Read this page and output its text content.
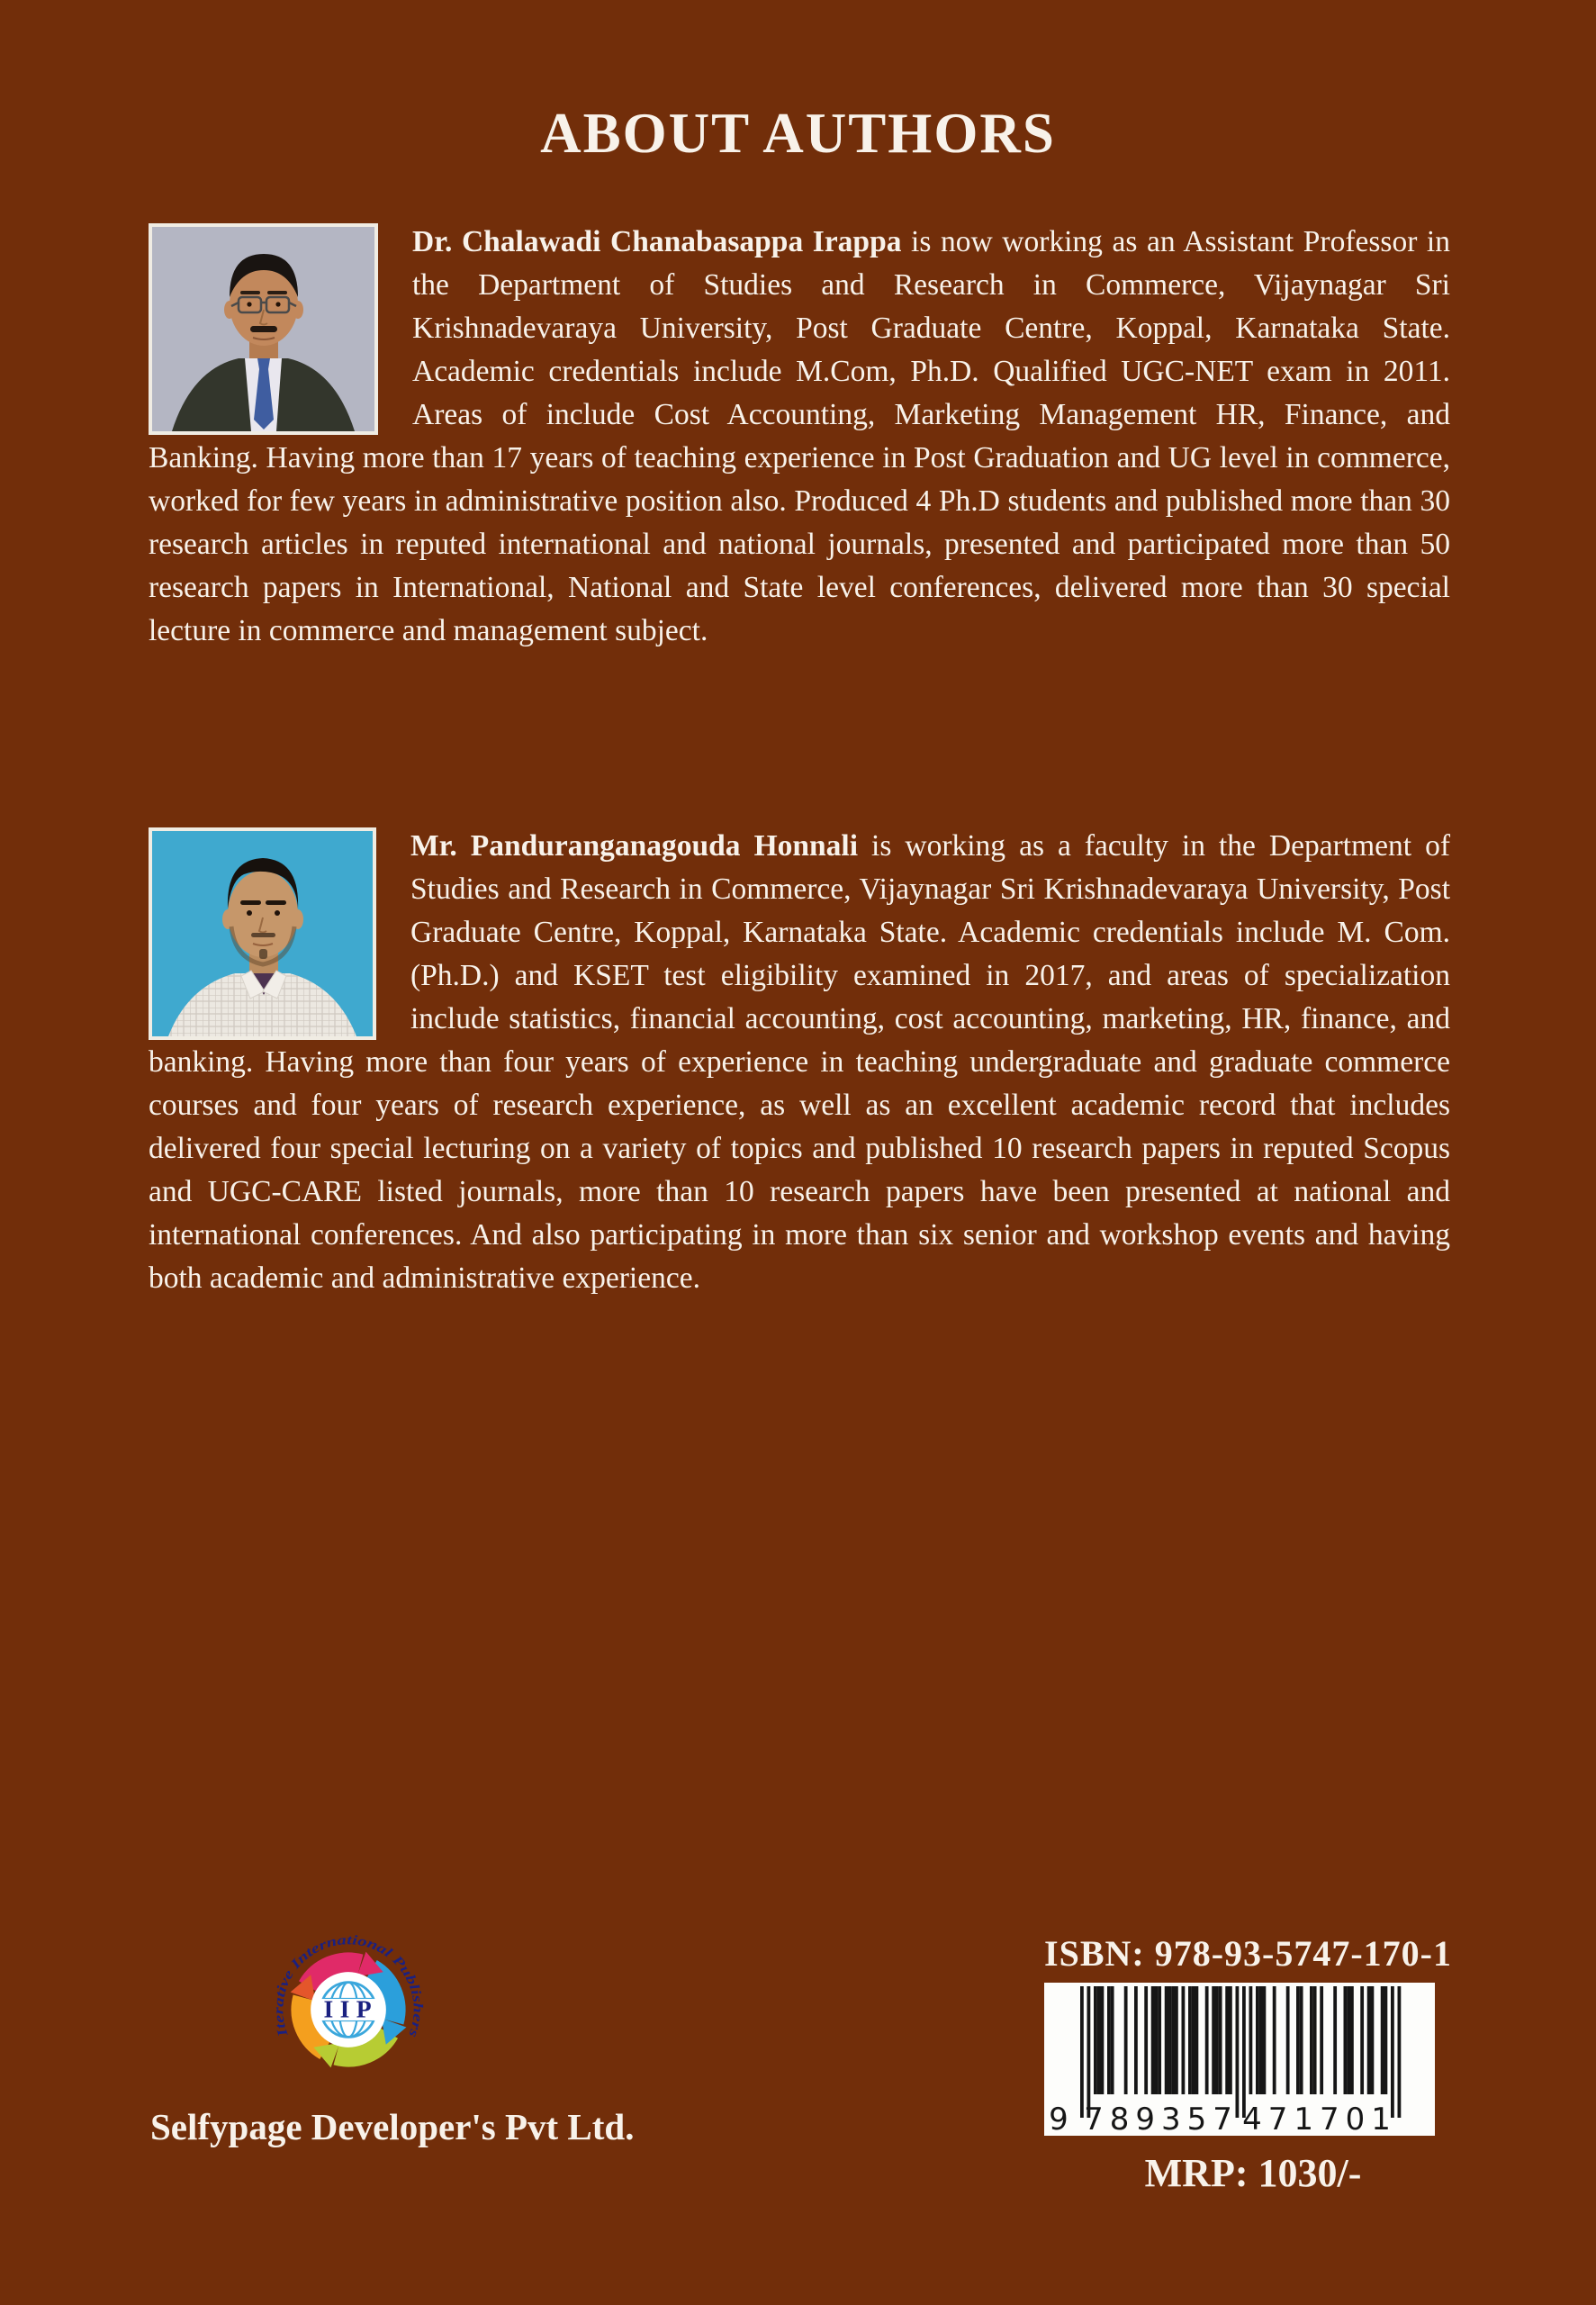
ABOUT AUTHORS

Dr. Chalawadi Chanabasappa Irappa is now working as an Assistant Professor in the Department of Studies and Research in Commerce, Vijaynagar Sri Krishnadevaraya University, Post Graduate Centre, Koppal, Karnataka State. Academic credentials include M.Com, Ph.D. Qualified UGC-NET exam in 2011. Areas of include Cost Accounting, Marketing Management HR, Finance, and Banking. Having more than 17 years of teaching experience in Post Graduation and UG level in commerce, worked for few years in administrative position also. Produced 4 Ph.D students and published more than 30 research articles in reputed international and national journals, presented and participated more than 50 research papers in International, National and State level conferences, delivered more than 30 special lecture in commerce and management subject.

Mr. Panduranganagouda Honnali is working as a faculty in the Department of Studies and Research in Commerce, Vijaynagar Sri Krishnadevaraya University, Post Graduate Centre, Koppal, Karnataka State. Academic credentials include M. Com. (Ph.D.) and KSET test eligibility examined in 2017, and areas of specialization include statistics, financial accounting, cost accounting, marketing, HR, finance, and banking. Having more than four years of experience in teaching undergraduate and graduate commerce courses and four years of research experience, as well as an excellent academic record that includes delivered four special lecturing on a variety of topics and published 10 research papers in reputed Scopus and UGC-CARE listed journals, more than 10 research papers have been presented at national and international conferences. And also participating in more than six senior and workshop events and having both academic and administrative experience.

IIP
Iterative International Publishers
Selfypage Developer's Pvt Ltd.
ISBN: 978-93-5747-170-1
9 789357 471701
MRP: 1030/-
